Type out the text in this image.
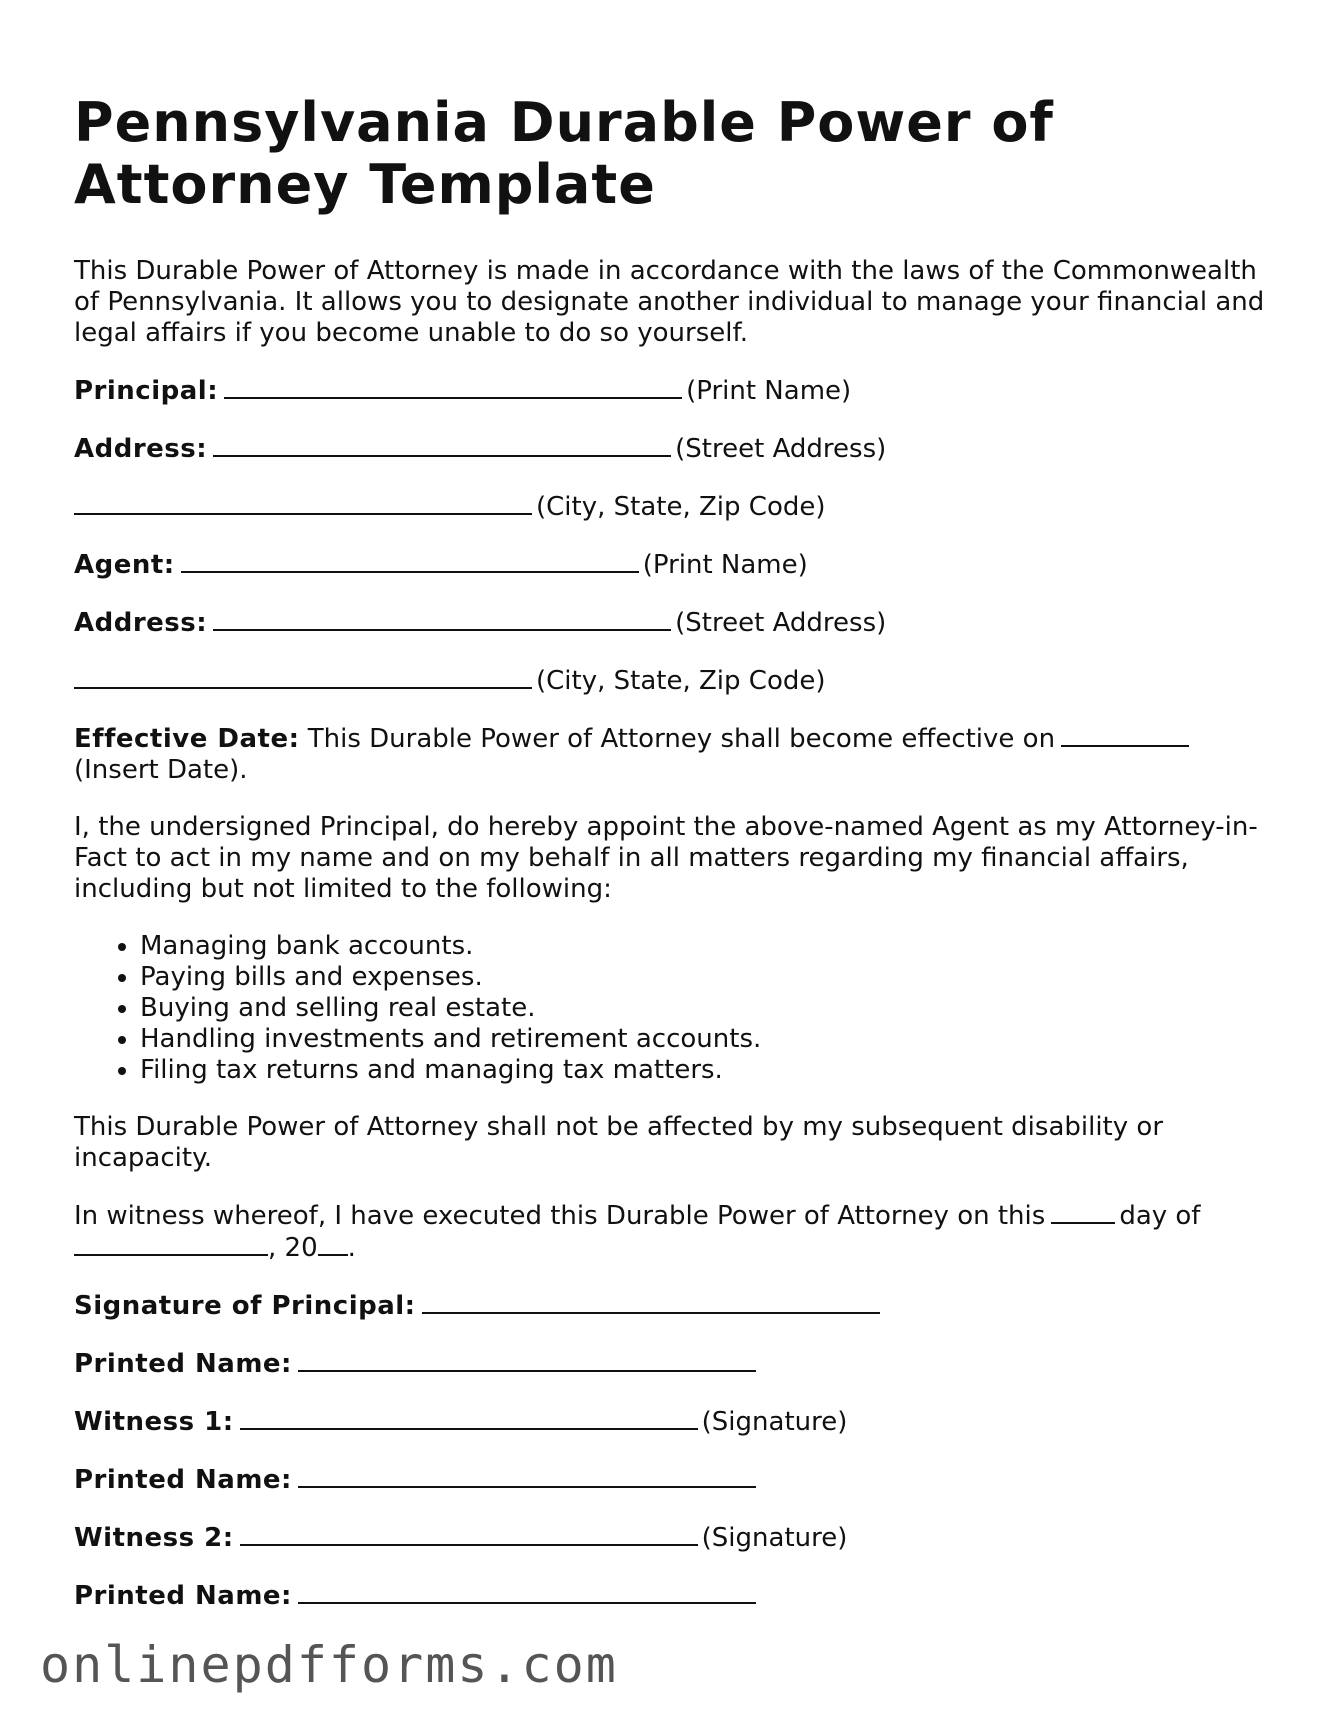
Pennsylvania Durable Power of Attorney Template

This Durable Power of Attorney is made in accordance with the laws of the Commonwealth of Pennsylvania. It allows you to designate another individual to manage your financial and legal affairs if you become unable to do so yourself.

Principal:	(Print Name)
Address:	(Street Address)
(City, State, Zip Code)
Agent:	(Print Name)
Address:	(Street Address)
(City, State, Zip Code)

Effective Date: This Durable Power of Attorney shall become effective on
(Insert Date).

I, the undersigned Principal, do hereby appoint the above-named Agent as my Attorney-in-Fact to act in my name and on my behalf in all matters regarding my financial affairs, including but not limited to the following:

• Managing bank accounts.
• Paying bills and expenses.
• Buying and selling real estate.
• Handling investments and retirement accounts.
• Filing tax returns and managing tax matters.

This Durable Power of Attorney shall not be affected by my subsequent disability or incapacity.

In witness whereof, I have executed this Durable Power of Attorney on this	day of
, 20 .

Signature of Principal:
Printed Name:
Witness 1:	(Signature)
Printed Name:
Witness 2:	(Signature)
Printed Name:
onlinepdfforms.com
